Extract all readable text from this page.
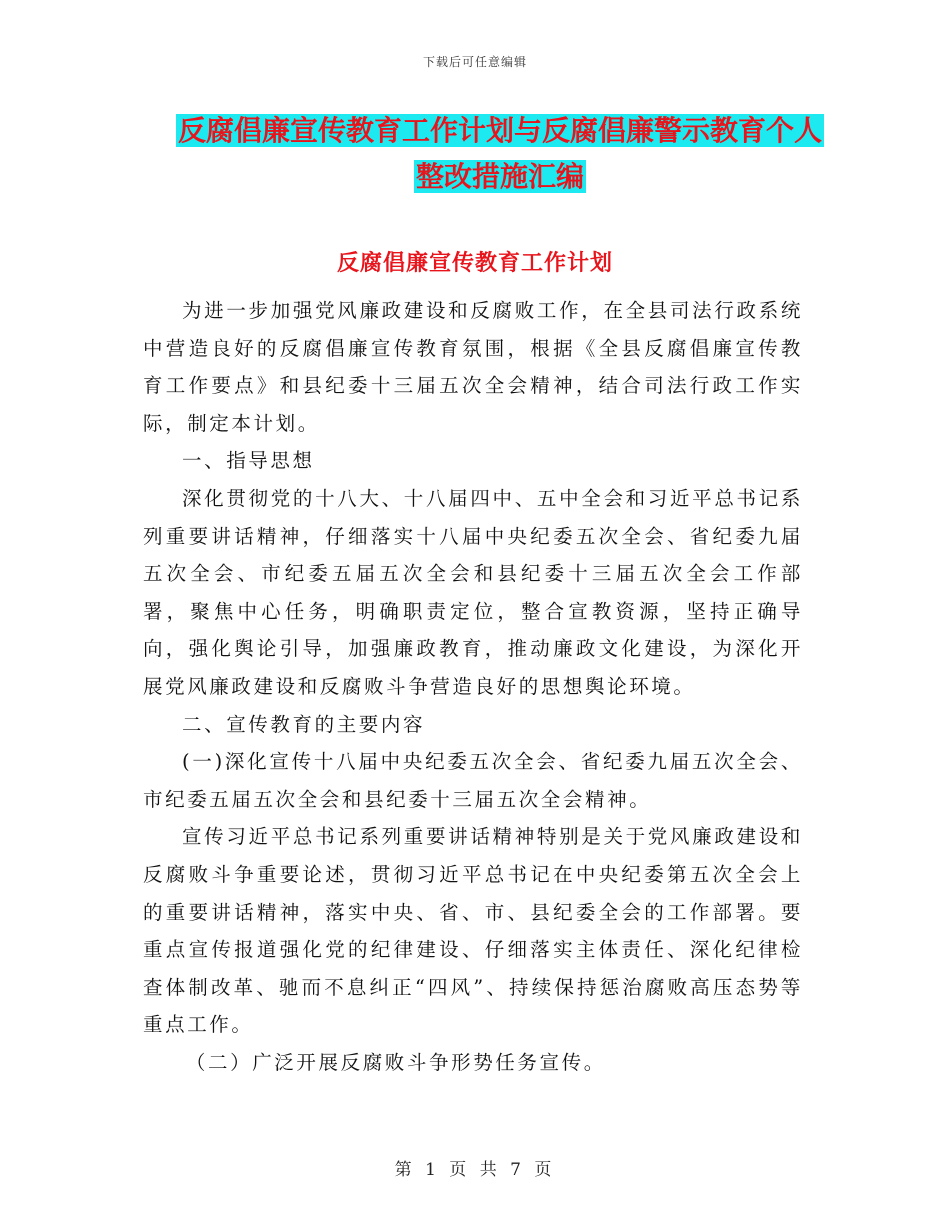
下载后可任意编辑
反腐倡廉宣传教育工作计划与反腐倡廉警示教育个人
整改措施汇编
反腐倡廉宣传教育工作计划

为进一步加强党风廉政建设和反腐败工作，在全县司法行政系统中营造良好的反腐倡廉宣传教育氛围，根据《全县反腐倡廉宣传教育工作要点》和县纪委十三届五次全会精神，结合司法行政工作实际，制定本计划。

一、指导思想

深化贯彻党的十八大、十八届四中、五中全会和习近平总书记系列重要讲话精神，仔细落实十八届中央纪委五次全会、省纪委九届五次全会、市纪委五届五次全会和县纪委十三届五次全会工作部署，聚焦中心任务，明确职责定位，整合宣教资源，坚持正确导向，强化舆论引导，加强廉政教育，推动廉政文化建设，为深化开展党风廉政建设和反腐败斗争营造良好的思想舆论环境。

二、宣传教育的主要内容

(一)深化宣传十八届中央纪委五次全会、省纪委九届五次全会、市纪委五届五次全会和县纪委十三届五次全会精神。

宣传习近平总书记系列重要讲话精神特别是关于党风廉政建设和反腐败斗争重要论述，贯彻习近平总书记在中央纪委第五次全会上的重要讲话精神，落实中央、省、市、县纪委全会的工作部署。要重点宣传报道强化党的纪律建设、仔细落实主体责任、深化纪律检查体制改革、驰而不息纠正“四风”、持续保持惩治腐败高压态势等重点工作。

（二）广泛开展反腐败斗争形势任务宣传。

第 1 页 共 7 页
